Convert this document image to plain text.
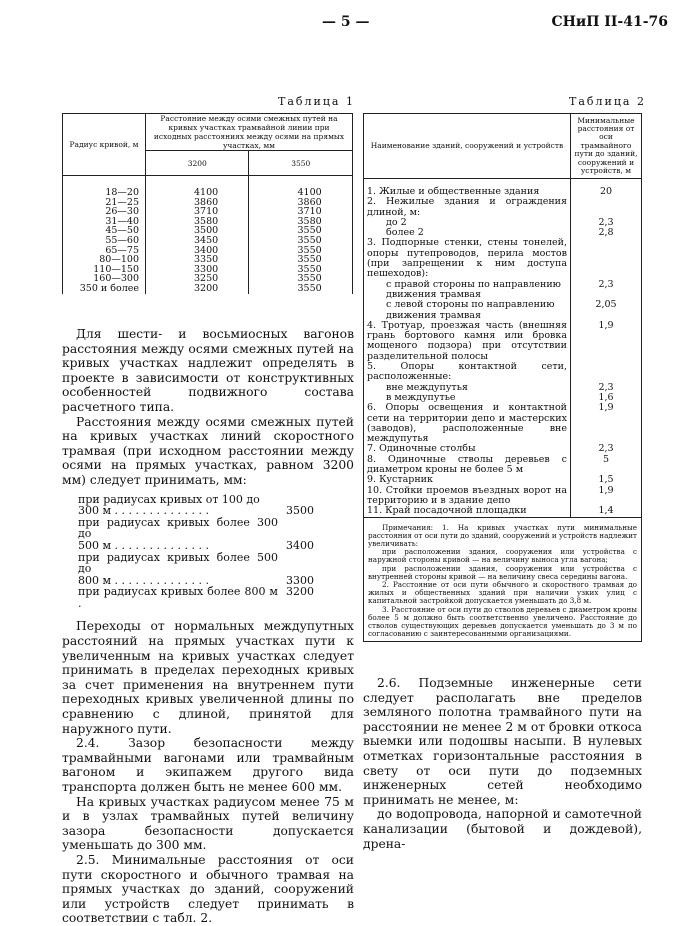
— 5 —	СНиП II-41-76
Таблица 1	Таблица 2
Радиус кривой, м	Расстояние между осями смежных путей на кривых участках трамвайной линии при исходных расстояниях между осями на прямых участках, мм	
	3200	3550
18—20	4100	4100
21—25	3860	3860
26—30	3710	3710
31—40	3580	3580
45—50	3500	3550
55—60	3450	3550
65—75	3400	3550
80—100	3350	3550
110—150	3300	3550
160—300	3250	3550
350 и более	3200	3550
Наименование зданий, сооружений и устройств	Минимальные расстояния от оси трамвайного пути до зданий, сооружений и устройств, м
1. Жилые и общественные здания	20
2. Нежилые здания и ограждения длиной, м:	
до 2	2,3
более 2	2,8
3. Подпорные стенки, стены тонелей, опоры путепроводов, перила мостов (при запрещении к ним доступа пешеходов):	
с правой стороны по направлению движения трамвая	2,3
с левой стороны по направлению движения трамвая	2,05
4. Тротуар, проезжая часть (внешняя грань бортового камня или бровка мощеного подзора) при отсутствии разделительной полосы	1,9
5. Опоры контактной сети, расположенные:	
вне междупутья	2,3
в междупутье	1,6
6. Опоры освещения и контактной сети на территории депо и мастерских (заводов), расположенные вне междупутья	1,9
7. Одиночные столбы	2,3
8. Одиночные стволы деревьев с диаметром кроны не более 5 м	5
9. Кустарник	1,5
10. Стойки проемов въездных ворот на территорию и в здание депо	1,9
11. Край посадочной площадки	1,4

Примечания: 1. На кривых участках пути минимальные расстояния от оси пути до зданий, сооружений и устройств надлежит увеличивать:

при расположении здания, сооружения или устройства с наружной стороны кривой — на величину выноса угла вагона;

при расположении здания, сооружения или устройства с внутренней стороны кривой — на величину свеса середины вагона.

2. Расстояние от оси пути обычного и скоростного трамвая до жилых и общественных зданий при наличии узких улиц с капитальной застройкой допускается уменьшать до 3,8 м.

3. Расстояние от оси пути до стволов деревьев с диаметром кроны более 5 м должно быть соответственно увеличено. Расстояние до стволов существующих деревьев допускается уменьшать до 3 м по согласованию с заинтересованными организациями.	

Для шести- и восьмиосных вагонов расстояния между осями смежных путей на кривых участках надлежит определять в проекте в зависимости от конструктивных особенностей подвижного состава расчетного типа.

Расстояния между осями смежных путей на кривых участках линий скоростного трамвая (при исходном расстоянии между осями на прямых участках, равном 3200 мм) следует принимать, мм:

при радиусах кривых от 100 до
300 м . . . . . . . . . . . . . .	3500
при радиусах кривых более 300 до
500 м . . . . . . . . . . . . . .	3400
при радиусах кривых более 500 до
800 м . . . . . . . . . . . . . .	3300
при радиусах кривых более 800 м .
3200

Переходы от нормальных междупутных расстояний на прямых участках пути к увеличенным на кривых участках следует принимать в пределах переходных кривых за счет применения на внутреннем пути переходных кривых увеличенной длины по сравнению с длиной, принятой для наружного пути.

2.4. Зазор безопасности между трамвайными вагонами или трамвайным вагоном и экипажем другого вида транспорта должен быть не менее 600 мм.

На кривых участках радиусом менее 75 м и в узлах трамвайных путей величину зазора безопасности допускается уменьшать до 300 мм.

2.5. Минимальные расстояния от оси пути скоростного и обычного трамвая на прямых участках до зданий, сооружений или устройств следует принимать в соответствии с табл. 2.

2.6. Подземные инженерные сети следует располагать вне пределов земляного полотна трамвайного пути на расстоянии не менее 2 м от бровки откоса выемки или подошвы насыпи. В нулевых отметках горизонтальные расстояния в свету от оси пути до подземных инженерных сетей необходимо принимать не менее, м:

до водопровода, напорной и самотечной канализации (бытовой и дождевой), дрена-
